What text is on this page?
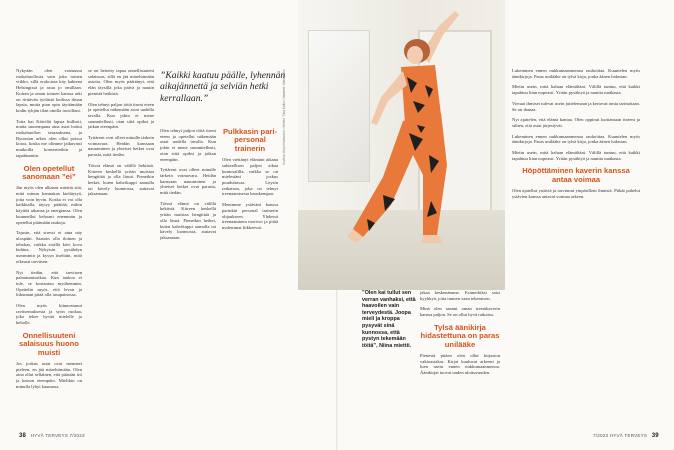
Nykyään olen vastuussa ruokahuollosta vain joka toinen viikko, sillä erokoiraa käy kahtena Helsingissä ja asuu jo omillaan. Koiran ja oman toimen kanssa arki on riittävän työlästä kodissa ilman lapsia, mutta pian opin täyttämään kodin tyhjän tilan omilla tavoillani.

Toita kai Kätvilät lapsia hullusti, mutta suurempana aina asiat hoitui ruokahuollon seurauksena, ja Byrontan arkea olen ollut poissa kotoa, koska me olimme jatkuvasti matkoilla konsertteihin ja tapahtumiin.

Olen opetellut sanomaan ”ei”

Jän myös olen alkanut miettiä sitä, mitä minun kannattaa kieltäytyä, jotta voin hyvin. Koska ei voi olla kaikkialla, täytyy päättää, mihin käyttää aikansa ja energiansa. Olen kuunnellut kehoani enemmän ja opetellut pitämään taukoja.

Tajusin, että stressi ei aina näy ulospäin. Saatoin olla iloinen ja tehokas, vaikka sisällä kävi kova kuhina. Nykyisin pysähdyn useammin ja kysyn itseltäni, mitä oikeasti tarvitsen.

Nyt tiedän, että tarvitsen palautumisaikaa. Kun taukoa ei tule, se kostautuu myöhemmin. Opettelin myös, että levon ja liikunnan pitää olla tasapainossa.

Olen myös kiinnostunut ravitsemuksesta ja syön ruokaa, joka tekee hyvää mielelle ja keholle.

Onnellisuuteni salaisuus huono muisti

Jos joskus asiat ovat menneet pieleen, en jää märehtimään. Olen aina ollut sellainen, että päästän irti ja katson eteenpäin. Mielikin on minulla lyhyt kaunassa.

se on heitetty tapaa onnellisuuteni salaisuus, sillä en jää märehtimään asioita. Olen myös päättänyt, että elän täysillä joka päivä ja nautin pienistä hetkistä.

Olen tehnyt paljon töitä itseni eteen ja opetellut näkemään asiat uudella tavalla. Kun jokin ei mene suunnitellusti, otan siitä opiksi ja jatkan eteenpäin.

Tyttäreni ovat olleet minulle tärkein voimavara. Heidän kanssaan nauraminen ja yhteiset hetket ovat parasta, mitä tiedän.

Töissä elämä on välillä hektistä. Kiireen keskellä yritän muistaa hengittää ja olla läsnä. Pienetkin hetket, kuten kahvikuppi aamulla tai kävely luonnossa, auttavat jaksamaan.

”Kaikki kaatuu päälle, lyhennän aikajännettä ja selviän hetki kerrallaan.”

Olen tehnyt paljon töitä itseni eteen ja opetellut näkemään asiat uudella tavalla. Kun jokin ei mene suunnitellusti, otan siitä opiksi ja jatkan eteenpäin.

Tyttäreni ovat olleet minulle tärkein voimavara. Heidän kanssaan nauraminen ja yhteiset hetket ovat parasta, mitä tiedän.

Töissä elämä on välillä hektistä. Kiireen keskellä yritän muistaa hengittää ja olla läsnä. Pienetkin hetket, kuten kahvikuppi aamulla tai kävely luonnossa, auttavat jaksamaan.

Pulkkasin pari-personal trainerin

Olen viettänyt elämäni aikana suhteellisen paljon aikaa kuntosalilla, vaikka se on mielestäni joskus puuduttavaa. Löysin ratkaisun, joka on tehnyt treenaamisesta hauskempaa.

Menimme ystäväni kanssa parinkin personal trainerin ohjaukseen. Yhdessä treenaaminen motivoi ja pitää molemmat liikkeessä.

38 HYVÄ TERVEYS 7/2023	7/2023 HYVÄ TERVEYS 39
Kuvitus: Annu Kokkonen • Meikki: Tiina Kallio • Vaatteet: Marimekko
”Olen kai tullut sen verran vanhaksi, että haavoilen vain terveydestä. Joopa mieli ja kroppa pysyvät sinä kunnossa, että pystyn tekemään töitä”, Niina miettii.

jakaa keskenämme. Esimerkiksi saisi kyykkyä, jotta tunnen vaan tekemisen.

Minä olen saanut oman treenikaverin kanssa paljon. Se on ollut hyvä ratkaisu.

Tylsä äänikirja hidastettuna on paras unilääke

Pienestä pitäen olen ollut kirjaston vakioasiakas. Kirjat kuuluvat arkeeni ja luen usein ennen nukkumaanmenoa. Äänikirjat tuovat uuden ulottuvuuden.

Lukeminen ennen nukkumaanmenoa rauhoittaa. Kuuntelen myös äänikirjoja. Paras unilääke on tylsä kirja, jonka äänen hidastan.

Mietin usein, mitä haluan elämältäni. Välillä tuntuu, että kaikki tapahtuu liian nopeasti. Yritän pysähtyä ja nauttia matkasta.

Vieraat ihmiset tulevat usein juttelemaan ja kertovat omia tarinoitaan. Se on ihanaa.

Nyt ajattelen, että elämä kantaa. Olen oppinut luottamaan itseeni ja siihen, että asiat järjestyvät.

Lukeminen ennen nukkumaanmenoa rauhoittaa. Kuuntelen myös äänikirjoja. Paras unilääke on tylsä kirja, jonka äänen hidastan.

Mietin usein, mitä haluan elämältäni. Välillä tuntuu, että kaikki tapahtuu liian nopeasti. Yritän pysähtyä ja nauttia matkasta.

Höpöttäminen kaverin kanssa antaa voimaa

Olen ajatellut ystäviä ja tarvinnut ympärilleni ihmisiä. Pitkät puhelut ystävien kanssa antavat voimaa arkeen.
